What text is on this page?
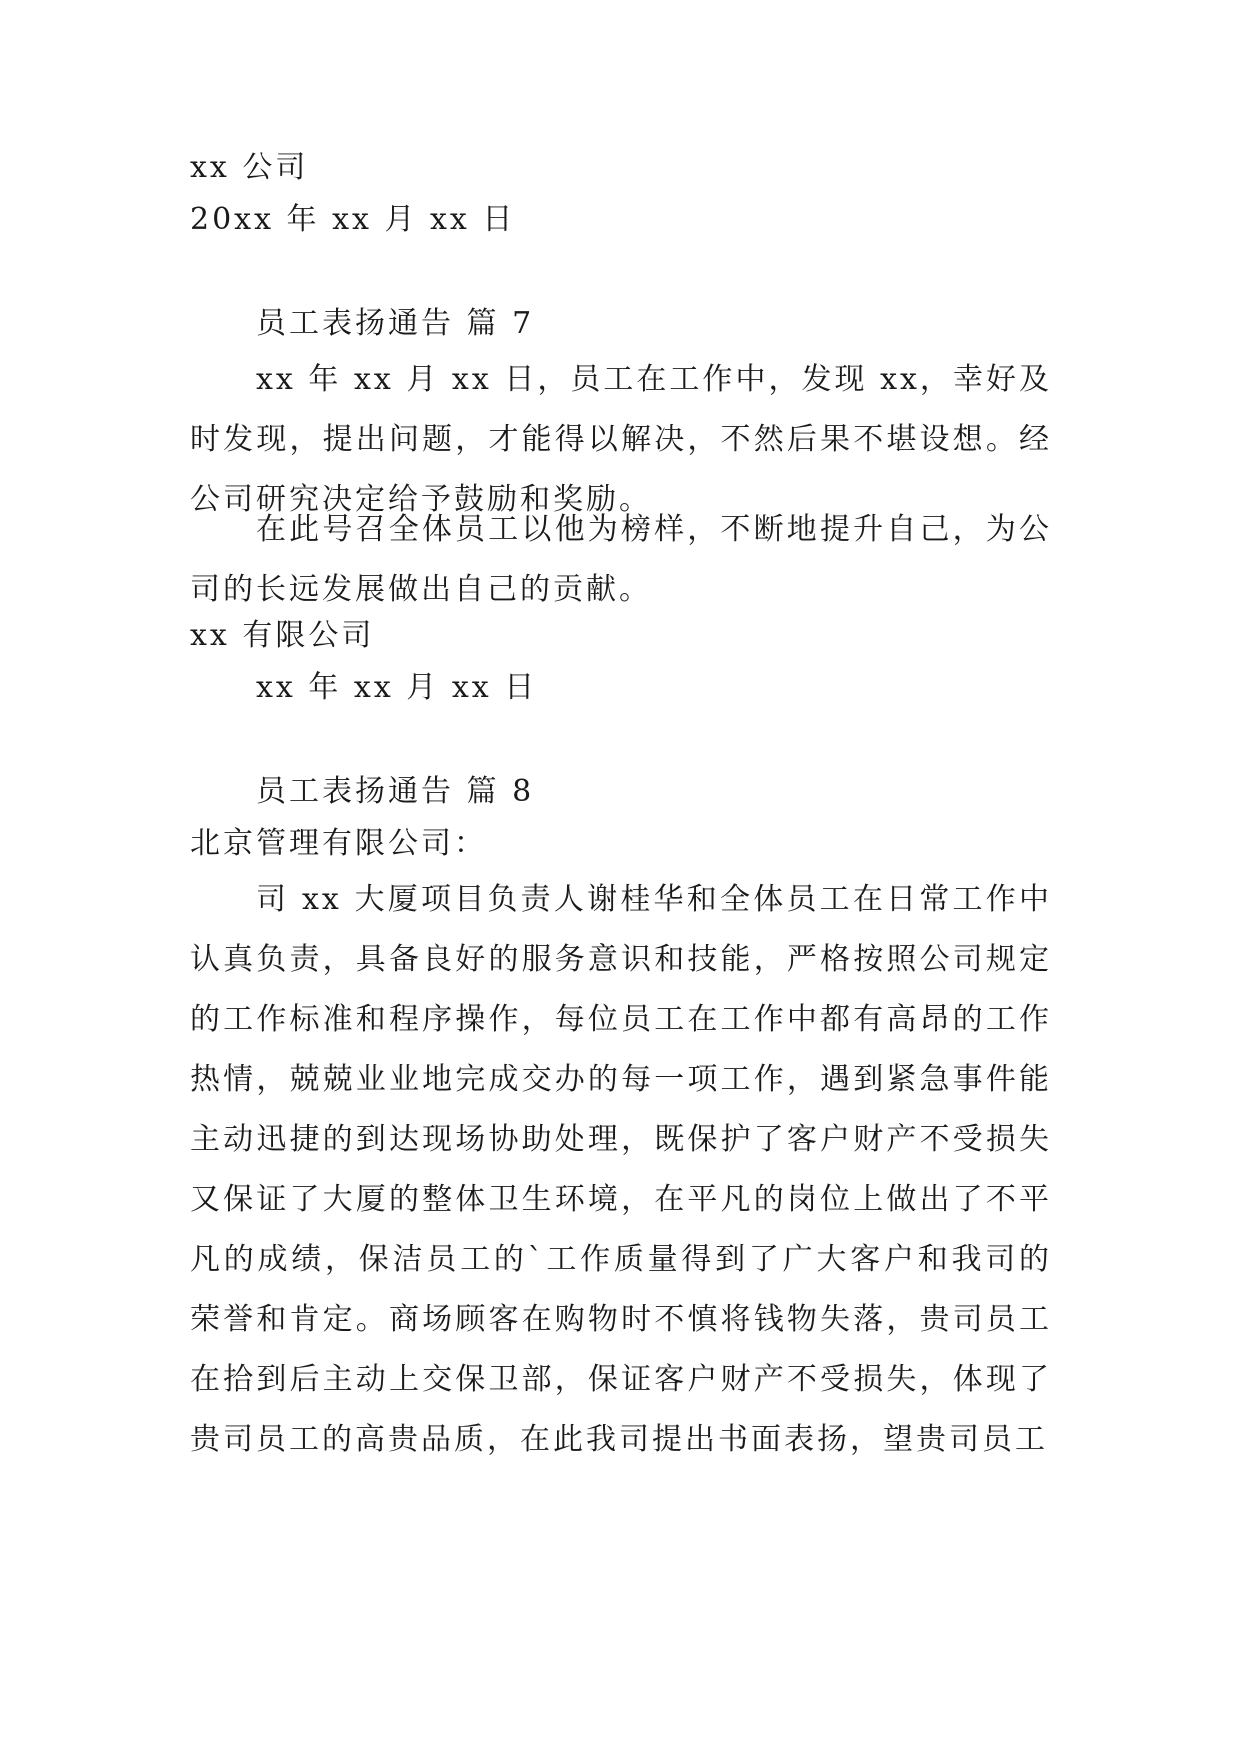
xx 公司
20xx 年 xx 月 xx 日
员工表扬通告 篇 7
xx 年 xx 月 xx 日，员工在工作中，发现 xx，幸好及时发现，提出问题，才能得以解决，不然后果不堪设想。经公司研究决定给予鼓励和奖励。
在此号召全体员工以他为榜样，不断地提升自己，为公司的长远发展做出自己的贡献。
xx 有限公司
xx 年 xx 月 xx 日
员工表扬通告 篇 8
北京管理有限公司：
司 xx 大厦项目负责人谢桂华和全体员工在日常工作中认真负责，具备良好的服务意识和技能，严格按照公司规定的工作标准和程序操作，每位员工在工作中都有高昂的工作热情，兢兢业业地完成交办的每一项工作，遇到紧急事件能主动迅捷的到达现场协助处理，既保护了客户财产不受损失又保证了大厦的整体卫生环境，在平凡的岗位上做出了不平凡的成绩，保洁员工的`工作质量得到了广大客户和我司的荣誉和肯定。商场顾客在购物时不慎将钱物失落，贵司员工在拾到后主动上交保卫部，保证客户财产不受损失，体现了贵司员工的高贵品质，在此我司提出书面表扬，望贵司员工
